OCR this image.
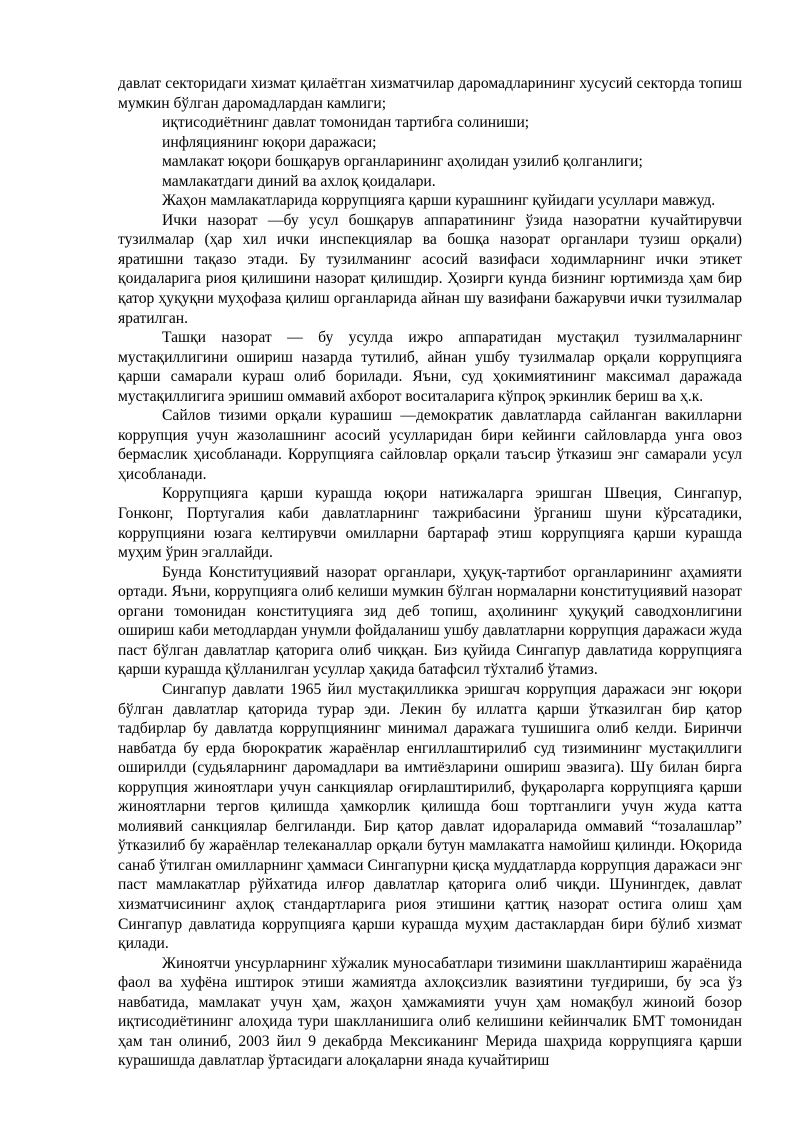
давлат секторидаги хизмат қилаётган хизматчилар даромадларининг хусусий секторда топиш мумкин бўлган даромадлардан камлиги;

иқтисодиётнинг давлат томонидан тартибга солиниши;

инфляциянинг юқори даражаси;

мамлакат юқори бошқарув органларининг аҳолидан узилиб қолганлиги;

мамлакатдаги диний ва ахлоқ қоидалари.

Жаҳон мамлакатларида коррупцияга қарши курашнинг қуйидаги усуллари мавжуд.

Ички назорат —бу усул бошқарув аппаратининг ўзида назоратни кучайтирувчи тузилмалар (ҳар хил ички инспекциялар ва бошқа назорат органлари тузиш орқали) яратишни тақазо этади. Бу тузилманинг асосий вазифаси ходимларнинг ички этикет қоидаларига риоя қилишини назорат қилишдир. Ҳозирги кунда бизнинг юртимизда ҳам бир қатор ҳуқуқни муҳофаза қилиш органларида айнан шу вазифани бажарувчи ички тузилмалар яратилган.

Ташқи назорат — бу усулда ижро аппаратидан мустақил тузилмаларнинг мустақиллигини ошириш назарда тутилиб, айнан ушбу тузилмалар орқали коррупцияга қарши самарали кураш олиб борилади. Яъни, суд ҳокимиятининг максимал даражада мустақиллигига эришиш оммавий ахборот воситаларига кўпроқ эркинлик бериш ва ҳ.к.

Сайлов тизими орқали курашиш —демократик давлатларда сайланган вакилларни коррупция учун жазолашнинг асосий усулларидан бири кейинги сайловларда унга овоз бермаслик ҳисобланади. Коррупцияга сайловлар орқали таъсир ўтказиш энг самарали усул ҳисобланади.

Коррупцияга қарши курашда юқори натижаларга эришган Швеция, Сингапур, Гонконг, Португалия каби давлатларнинг тажрибасини ўрганиш шуни кўрсатадики, коррупцияни юзага келтирувчи омилларни бартараф этиш коррупцияга қарши курашда муҳим ўрин эгаллайди.

Бунда Конституциявий назорат органлари, ҳуқуқ-тартибот органларининг аҳамияти ортади. Яъни, коррупцияга олиб келиши мумкин бўлган нормаларни конституциявий назорат органи томонидан конституцияга зид деб топиш, аҳолининг ҳуқуқий саводхонлигини ошириш каби методлардан унумли фойдаланиш ушбу давлатларни коррупция даражаси жуда паст бўлган давлатлар қаторига олиб чиққан. Биз қуйида Сингапур давлатида коррупцияга қарши курашда қўлланилган усуллар ҳақида батафсил тўхталиб ўтамиз.

Сингапур давлати 1965 йил мустақилликка эришгач коррупция даражаси энг юқори бўлган давлатлар қаторида турар эди. Лекин бу иллатга қарши ўтказилган бир қатор тадбирлар бу давлатда коррупциянинг минимал даражага тушишига олиб келди. Биринчи навбатда бу ерда бюрократик жараёнлар енгиллаштирилиб суд тизимининг мустақиллиги оширилди (судьяларнинг даромадлари ва имтиёзларини ошириш эвазига). Шу билан бирга коррупция жиноятлари учун санкциялар оғирлаштирилиб, фуқароларга коррупцияга қарши жиноятларни тергов қилишда ҳамкорлик қилишда бош тортганлиги учун жуда катта молиявий санкциялар белгиланди. Бир қатор давлат идораларида оммавий “тозалашлар” ўтказилиб бу жараёнлар телеканаллар орқали бутун мамлакатга намойиш қилинди. Юқорида санаб ўтилган омилларнинг ҳаммаси Сингапурни қисқа муддатларда коррупция даражаси энг паст мамлакатлар рўйхатида илғор давлатлар қаторига олиб чиқди. Шунингдек, давлат хизматчисининг аҳлоқ стандартларига риоя этишини қаттиқ назорат остига олиш ҳам Сингапур давлатида коррупцияга қарши курашда муҳим дастаклардан бири бўлиб хизмат қилади.

Жиноятчи унсурларнинг хўжалик муносабатлари тизимини шакллантириш жараёнида фаол ва хуфёна иштирок этиши жамиятда ахлоқсизлик вазиятини туғдириши, бу эса ўз навбатида, мамлакат учун ҳам, жаҳон ҳамжамияти учун ҳам номақбул жиноий бозор иқтисодиётининг алоҳида тури шаклланишига олиб келишини кейинчалик БМТ томонидан ҳам тан олиниб, 2003 йил 9 декабрда Мексиканинг Мерида шаҳрида коррупцияга қарши курашишда давлатлар ўртасидаги алоқаларни янада кучайтириш
